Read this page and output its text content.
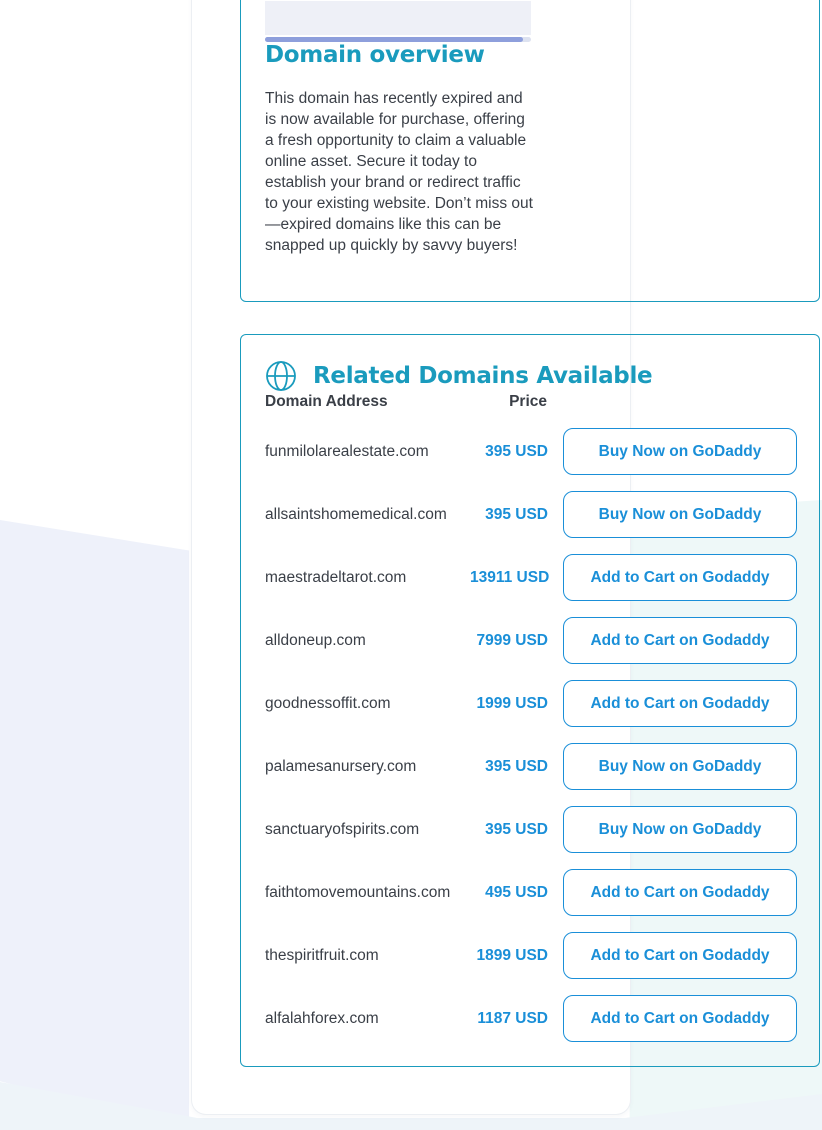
Domain overview

This domain has recently expired and is now available for purchase, offering a fresh opportunity to claim a valuable online asset. Secure it today to establish your brand or redirect traffic to your existing website. Don’t miss out—expired domains like this can be snapped up quickly by savvy buyers!

Related Domains Available
Domain Address	Price
funmilolarealestate.com	395 USD	Buy Now on GoDaddy
allsaintshomemedical.com	395 USD	Buy Now on GoDaddy
maestradeltarot.com	13911 USD	Add to Cart on Godaddy
alldoneup.com	7999 USD	Add to Cart on Godaddy
goodnessoffit.com	1999 USD	Add to Cart on Godaddy
palamesanursery.com	395 USD	Buy Now on GoDaddy
sanctuaryofspirits.com	395 USD	Buy Now on GoDaddy
faithtomovemountains.com	495 USD	Add to Cart on Godaddy
thespiritfruit.com	1899 USD	Add to Cart on Godaddy
alfalahforex.com	1187 USD	Add to Cart on Godaddy
